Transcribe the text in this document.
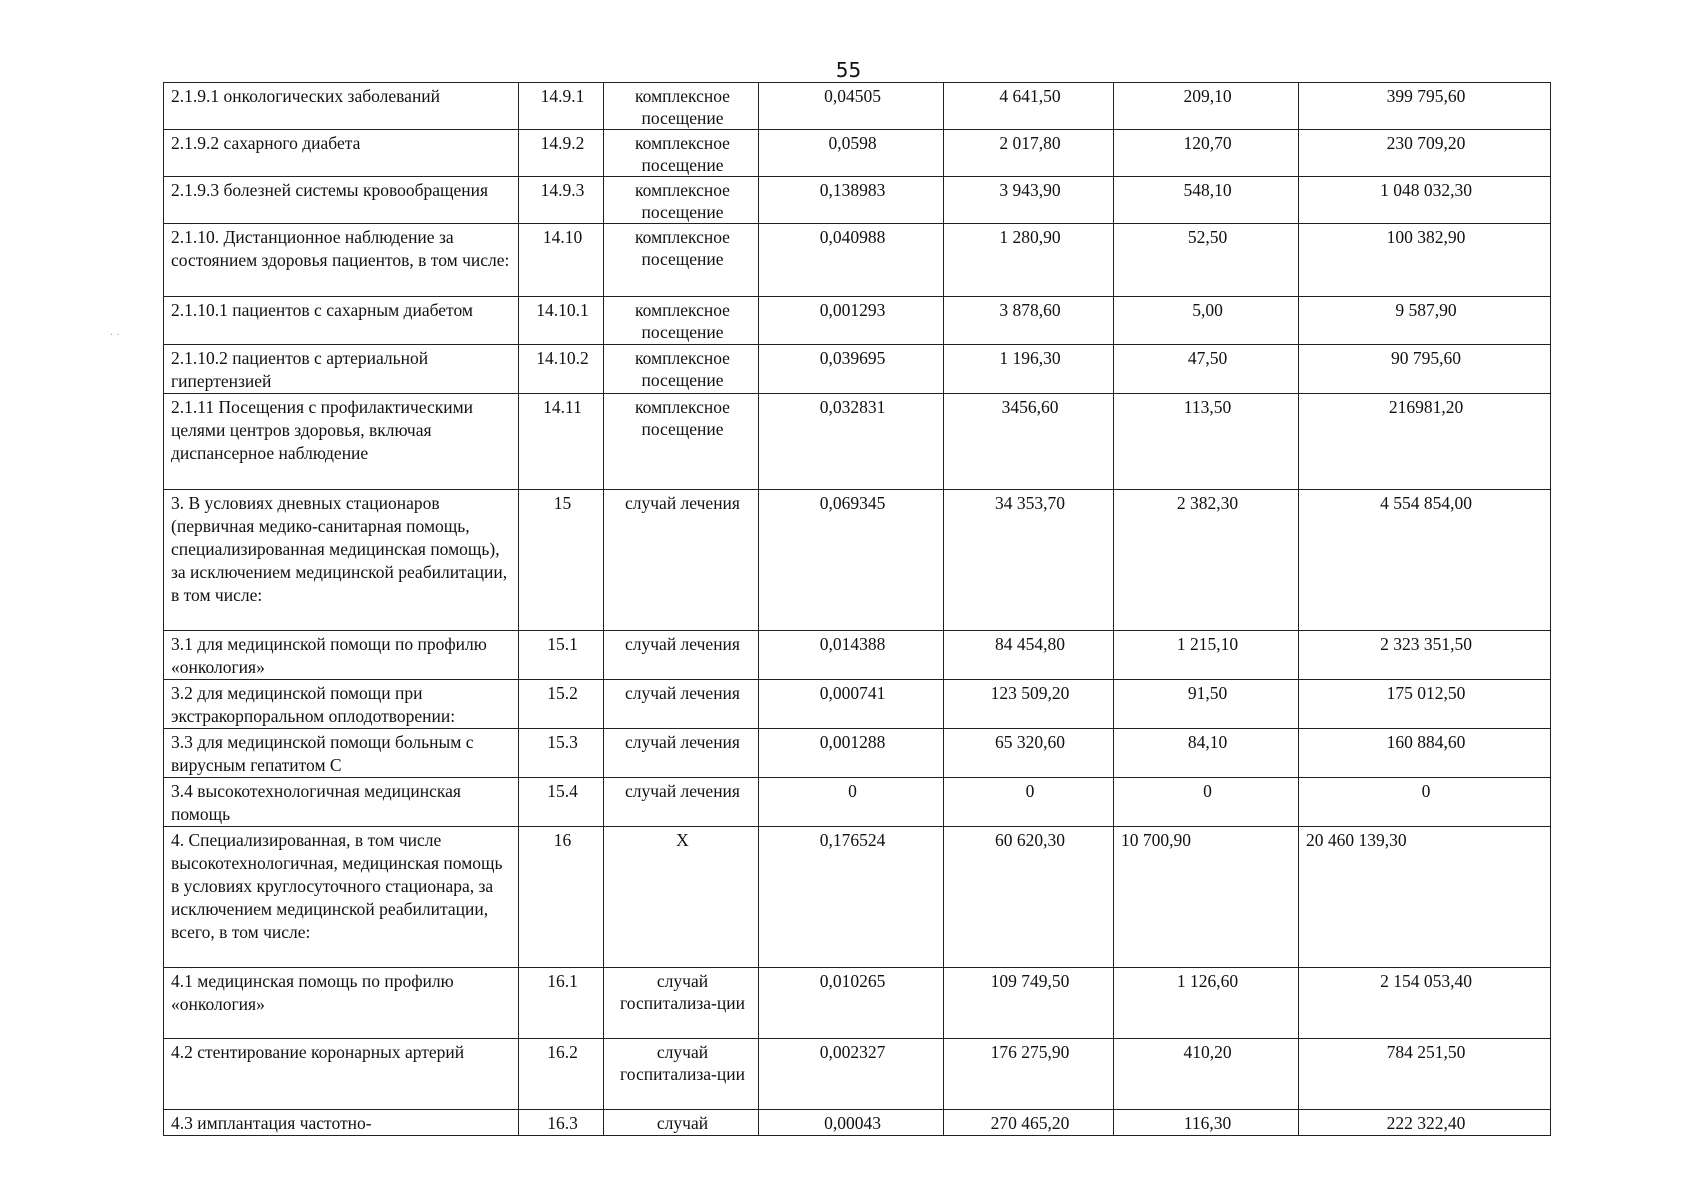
55
· ·
2.1.9.1 онкологических заболеваний	14.9.1	комплексное посещение	0,04505	4 641,50	209,10	399 795,60
2.1.9.2 сахарного диабета	14.9.2	комплексное посещение	0,0598	2 017,80	120,70	230 709,20
2.1.9.3 болезней системы кровообращения	14.9.3	комплексное посещение	0,138983	3 943,90	548,10	1 048 032,30
2.1.10. Дистанционное наблюдение за состоянием здоровья пациентов, в том числе:	14.10	комплексное посещение	0,040988	1 280,90	52,50	100 382,90
2.1.10.1 пациентов с сахарным диабетом	14.10.1	комплексное посещение	0,001293	3 878,60	5,00	9 587,90
2.1.10.2 пациентов с артериальной гипертензией	14.10.2	комплексное посещение	0,039695	1 196,30	47,50	90 795,60
2.1.11 Посещения с профилактическими целями центров здоровья, включая диспансерное наблюдение	14.11	комплексное посещение	0,032831	3456,60	113,50	216981,20
3. В условиях дневных стационаров (первичная медико-санитарная помощь, специализированная медицинская помощь), за исключением медицинской реабилитации, в том числе:	15	случай лечения	0,069345	34 353,70	2 382,30	4 554 854,00
3.1 для медицинской помощи по профилю «онкология»	15.1	случай лечения	0,014388	84 454,80	1 215,10	2 323 351,50
3.2 для медицинской помощи при экстракорпоральном оплодотворении:	15.2	случай лечения	0,000741	123 509,20	91,50	175 012,50
3.3 для медицинской помощи больным с вирусным гепатитом С	15.3	случай лечения	0,001288	65 320,60	84,10	160 884,60
3.4 высокотехнологичная медицинская помощь	15.4	случай лечения	0	0	0	0
4. Специализированная, в том числе высокотехнологичная, медицинская помощь в условиях круглосуточного стационара, за исключением медицинской реабилитации, всего, в том числе:	16	X	0,176524	60 620,30	10 700,90	20 460 139,30
4.1 медицинская помощь по профилю «онкология»	16.1	случай госпитализа-ции	0,010265	109 749,50	1 126,60	2 154 053,40
4.2 стентирование коронарных артерий	16.2	случай госпитализа-ции	0,002327	176 275,90	410,20	784 251,50
4.3 имплантация частотно-	16.3	случай	0,00043	270 465,20	116,30	222 322,40
